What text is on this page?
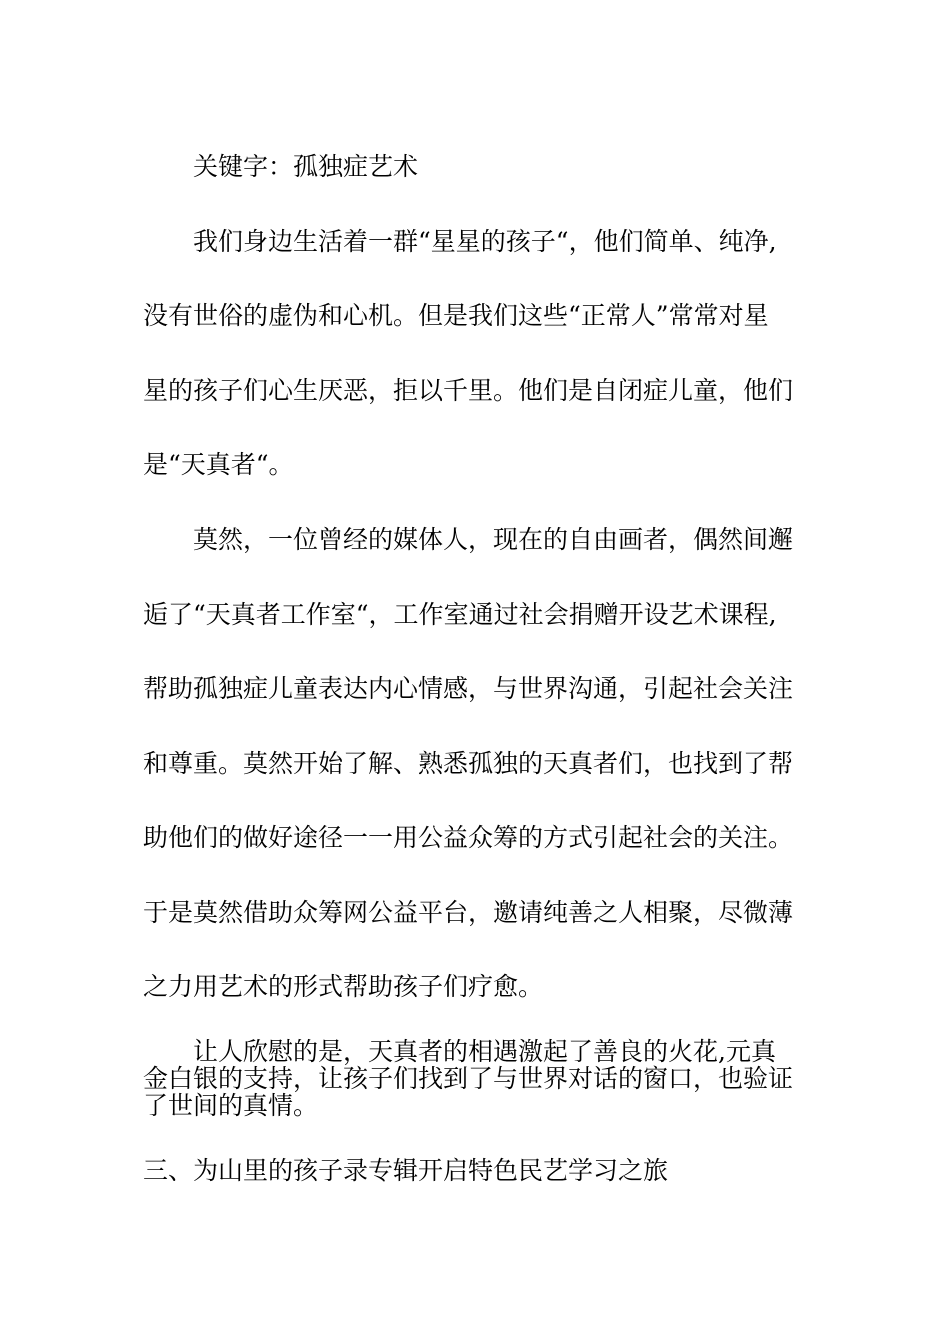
关键字：孤独症艺术

我们身边生活着一群“星星的孩子“，他们简单、纯净,

没有世俗的虚伪和心机。但是我们这些“正常人”常常对星

星的孩子们心生厌恶，拒以千里。他们是自闭症儿童，他们

是“天真者“。

莫然，一位曾经的媒体人，现在的自由画者，偶然间邂

逅了“天真者工作室“，工作室通过社会捐赠开设艺术课程,

帮助孤独症儿童表达内心情感，与世界沟通，引起社会关注

和尊重。莫然开始了解、熟悉孤独的天真者们，也找到了帮

助他们的做好途径一一用公益众筹的方式引起社会的关注。

于是莫然借助众筹网公益平台，邀请纯善之人相聚，尽微薄

之力用艺术的形式帮助孩子们疗愈。

让人欣慰的是，天真者的相遇激起了善良的火花,元真

金白银的支持，让孩子们找到了与世界对话的窗口，也验证

了世间的真情。

三、为山里的孩子录专辑开启特色民艺学习之旅
